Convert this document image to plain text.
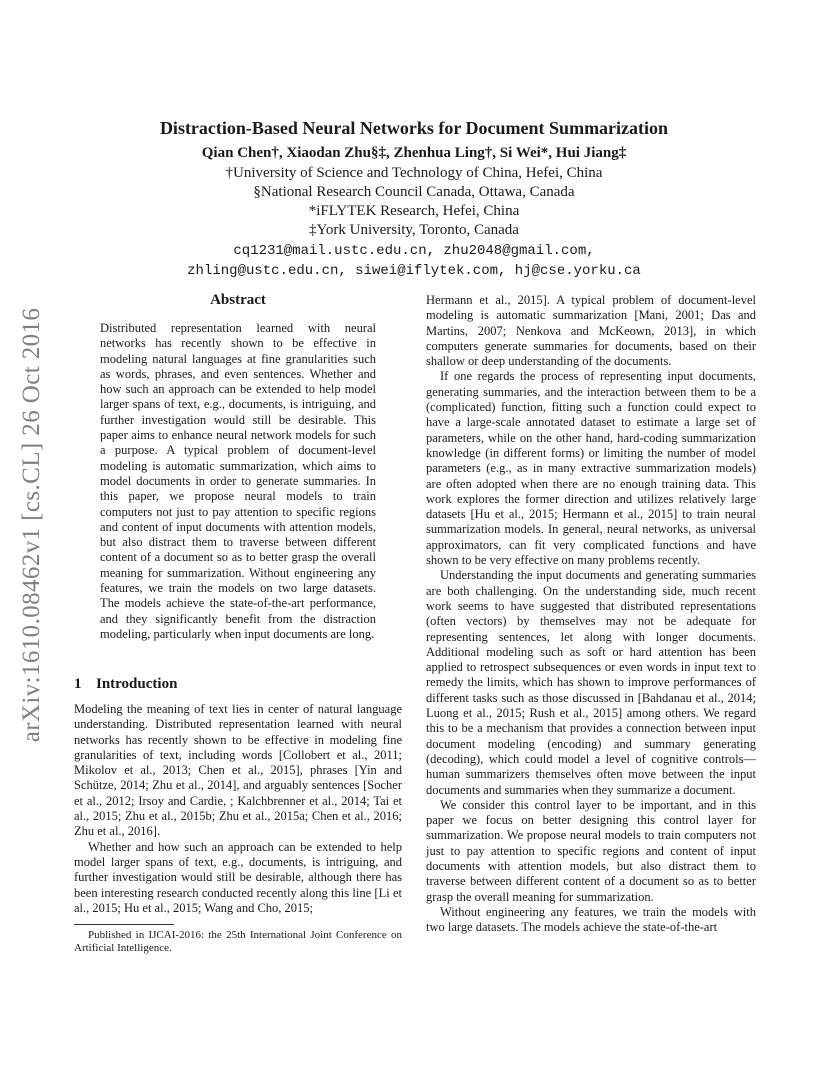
arXiv:1610.08462v1 [cs.CL] 26 Oct 2016
Distraction-Based Neural Networks for Document Summarization
Qian Chen†, Xiaodan Zhu§‡, Zhenhua Ling†, Si Wei*, Hui Jiang‡
†University of Science and Technology of China, Hefei, China
§National Research Council Canada, Ottawa, Canada
*iFLYTEK Research, Hefei, China
‡York University, Toronto, Canada
cq1231@mail.ustc.edu.cn, zhu2048@gmail.com,
zhling@ustc.edu.cn, siwei@iflytek.com, hj@cse.yorku.ca
Abstract
Distributed representation learned with neural networks has recently shown to be effective in modeling natural languages at fine granularities such as words, phrases, and even sentences. Whether and how such an approach can be extended to help model larger spans of text, e.g., documents, is intriguing, and further investigation would still be desirable. This paper aims to enhance neural network models for such a purpose. A typical problem of document-level modeling is automatic summarization, which aims to model documents in order to generate summaries. In this paper, we propose neural models to train computers not just to pay attention to specific regions and content of input documents with attention models, but also distract them to traverse between different content of a document so as to better grasp the overall meaning for summarization. Without engineering any features, we train the models on two large datasets. The models achieve the state-of-the-art performance, and they significantly benefit from the distraction modeling, particularly when input documents are long.
1 Introduction

Modeling the meaning of text lies in center of natural language understanding. Distributed representation learned with neural networks has recently shown to be effective in modeling fine granularities of text, including words [Collobert et al., 2011; Mikolov et al., 2013; Chen et al., 2015], phrases [Yin and Schütze, 2014; Zhu et al., 2014], and arguably sentences [Socher et al., 2012; Irsoy and Cardie, ; Kalchbrenner et al., 2014; Tai et al., 2015; Zhu et al., 2015b; Zhu et al., 2015a; Chen et al., 2016; Zhu et al., 2016].

Whether and how such an approach can be extended to help model larger spans of text, e.g., documents, is intriguing, and further investigation would still be desirable, although there has been interesting research conducted recently along this line [Li et al., 2015; Hu et al., 2015; Wang and Cho, 2015;

Hermann et al., 2015]. A typical problem of document-level modeling is automatic summarization [Mani, 2001; Das and Martins, 2007; Nenkova and McKeown, 2013], in which computers generate summaries for documents, based on their shallow or deep understanding of the documents.

If one regards the process of representing input documents, generating summaries, and the interaction between them to be a (complicated) function, fitting such a function could expect to have a large-scale annotated dataset to estimate a large set of parameters, while on the other hand, hard-coding summarization knowledge (in different forms) or limiting the number of model parameters (e.g., as in many extractive summarization models) are often adopted when there are no enough training data. This work explores the former direction and utilizes relatively large datasets [Hu et al., 2015; Hermann et al., 2015] to train neural summarization models. In general, neural networks, as universal approximators, can fit very complicated functions and have shown to be very effective on many problems recently.

Understanding the input documents and generating summaries are both challenging. On the understanding side, much recent work seems to have suggested that distributed representations (often vectors) by themselves may not be adequate for representing sentences, let along with longer documents. Additional modeling such as soft or hard attention has been applied to retrospect subsequences or even words in input text to remedy the limits, which has shown to improve performances of different tasks such as those discussed in [Bahdanau et al., 2014; Luong et al., 2015; Rush et al., 2015] among others. We regard this to be a mechanism that provides a connection between input document modeling (encoding) and summary generating (decoding), which could model a level of cognitive controls—human summarizers themselves often move between the input documents and summaries when they summarize a document.

We consider this control layer to be important, and in this paper we focus on better designing this control layer for summarization. We propose neural models to train computers not just to pay attention to specific regions and content of input documents with attention models, but also distract them to traverse between different content of a document so as to better grasp the overall meaning for summarization.

Without engineering any features, we train the models with two large datasets. The models achieve the state-of-the-art

Published in IJCAI-2016: the 25th International Joint Conference on Artificial Intelligence.
